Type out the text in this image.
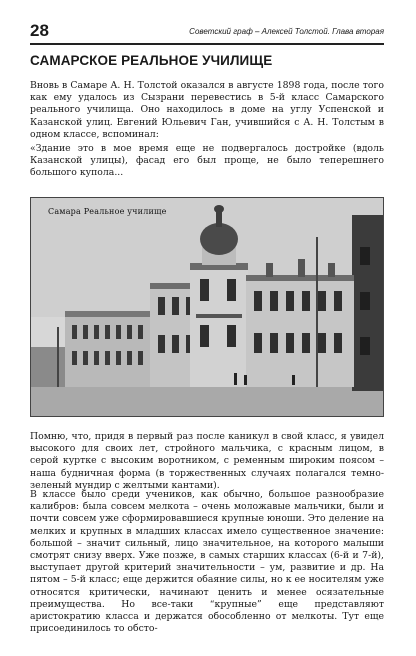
28	Советский граф – Алексей Толстой. Глава вторая
САМАРСКОЕ РЕАЛЬНОЕ УЧИЛИЩЕ
Вновь в Самаре А. Н. Толстой оказался в августе 1898 года, после того как ему удалось из Сызрани перевестись в 5-й класс Самарского реального училища. Оно находилось в доме на углу Успенской и Казанской улиц. Евгений Юльевич Ган, учившийся с А. Н. Толстым в одном классе, вспоминал:
«Здание это в мое время еще не подвергалось достройке (вдоль Казанской улицы), фасад его был проще, не было теперешнего большого купола...
Самара Реальное училище
Помню, что, придя в первый раз после каникул в свой класс, я увидел высокого для своих лет, стройного мальчика, с красным лицом, в серой куртке с высоким воротником, с ременным широким поясом – наша будничная форма (в торжественных случаях полагался темно-зеленый мундир с желтыми кантами).
В классе было среди учеников, как обычно, большое разнообразие калибров: была совсем мелкота – очень моложавые мальчики, были и почти совсем уже сформировавшиеся крупные юноши. Это деление на мелких и крупных в младших классах имело существенное значение: большой – значит сильный, лицо значительное, на которого малыши смотрят снизу вверх. Уже позже, в самых старших классах (6-й и 7-й), выступает другой критерий значительности – ум, развитие и др. На пятом – 5-й класс; еще держится обаяние силы, но к ее носителям уже относятся критически, начинают ценить и менее осязательные преимущества. Но все-таки “крупные” еще представляют аристократию класса и держатся обособленно от мелкоты. Тут еще присоединилось то обсто-
